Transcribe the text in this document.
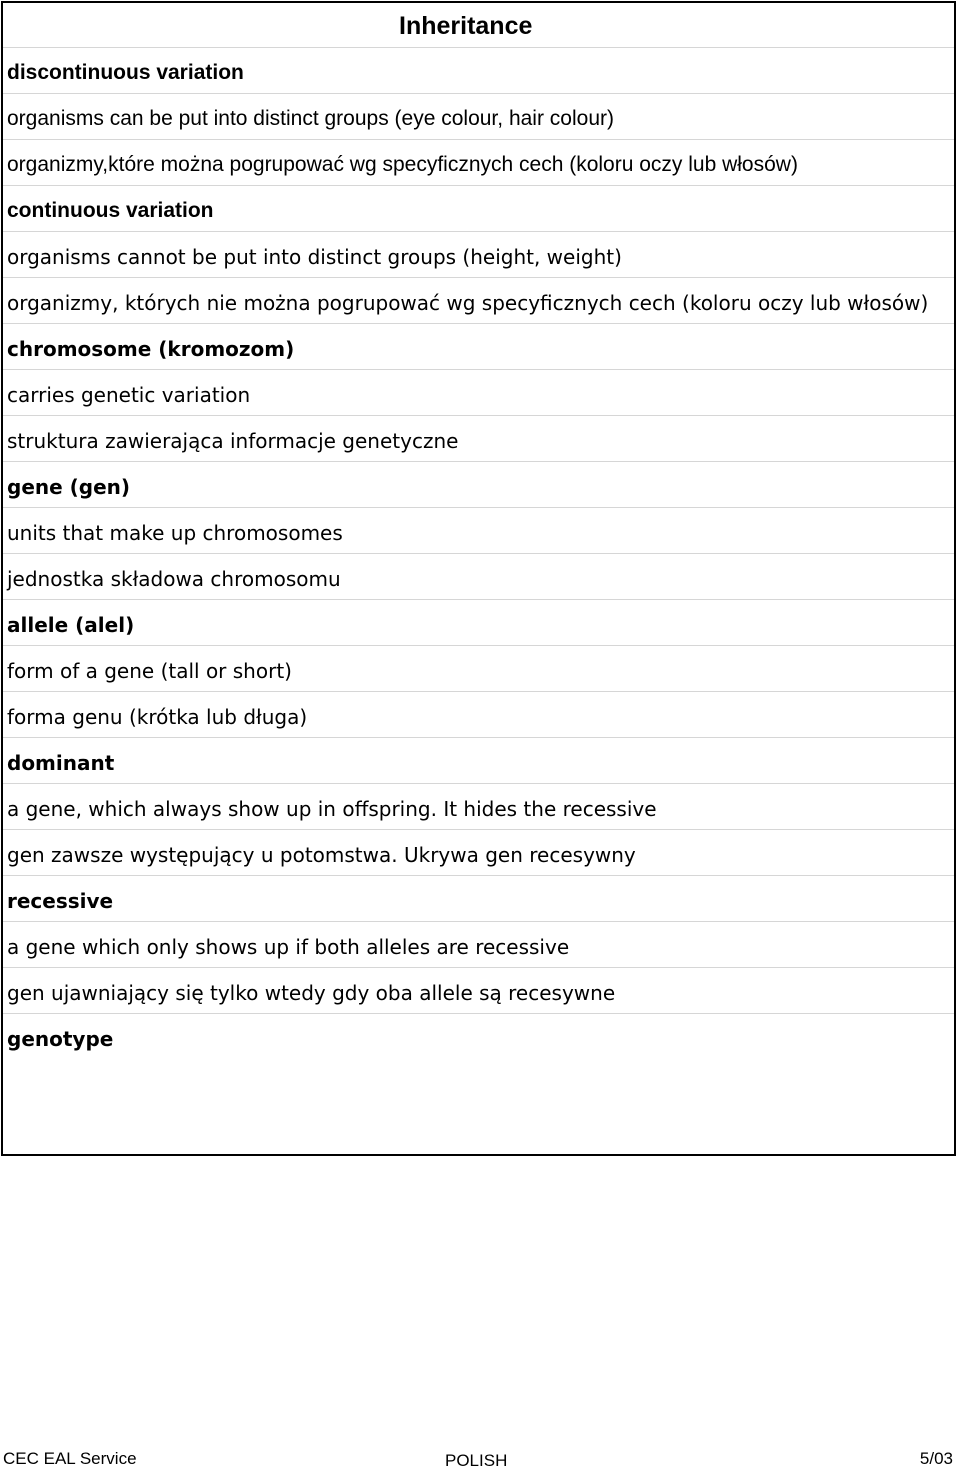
Inheritance
discontinuous variation
organisms can be put into distinct groups (eye colour, hair colour)
organizmy,które można pogrupować wg specyficznych cech (koloru oczy lub włosów)
continuous variation
organisms cannot be put into distinct groups (height, weight)
organizmy, których nie można pogrupować wg specyficznych cech (koloru oczy lub włosów)
chromosome (kromozom)
carries genetic variation
struktura zawierająca informacje genetyczne
gene (gen)
units that make up chromosomes
jednostka składowa chromosomu
allele (alel)
form of a gene (tall or short)
forma genu (krótka lub długa)
dominant
a gene, which always show up in offspring. It hides the recessive
gen zawsze występujący u potomstwa. Ukrywa gen recesywny
recessive
a gene which only shows up if both alleles are recessive
gen ujawniający się tylko wtedy gdy oba allele są recesywne
genotype
CEC EAL Service	POLISH	5/03
